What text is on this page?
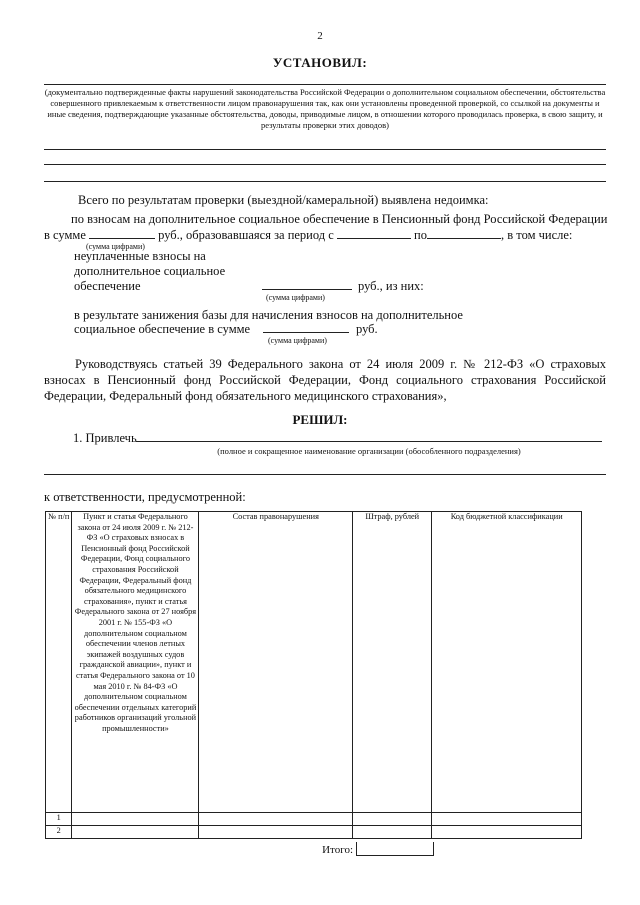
2
УСТАНОВИЛ:
(документально подтвержденные факты нарушений законодательства Российской Федерации о дополнительном социальном обеспечении, обстоятельства совершенного привлекаемым к ответственности лицом правонарушения так, как они установлены проведенной проверкой, со ссылкой на документы и иные сведения, подтверждающие указанные обстоятельства, доводы, приводимые лицом, в отношении которого проводилась проверка, в свою защиту, и результаты проверки этих доводов)
Всего по результатам проверки (выездной/камеральной) выявлена недоимка:
по взносам на дополнительное социальное обеспечение в Пенсионный фонд Российской Федерации
в сумме	руб., образовавшаяся за период с	по	, в том числе:
(сумма цифрами)
неуплаченные взносы на
дополнительное социальное
обеспечение	руб., из них:
(сумма цифрами)
в результате занижения базы для начисления взносов на дополнительное
социальное обеспечение в сумме	руб.
(сумма цифрами)
Руководствуясь статьей 39 Федерального закона от 24 июля 2009 г. № 212-ФЗ «О страховых взносах в Пенсионный фонд Российской Федерации, Фонд социального страхования Российской Федерации, Федеральный фонд обязательного медицинского страхования»,
РЕШИЛ:
1. Привлечь
(полное и сокращенное наименование организации (обособленного подразделения)
к ответственности, предусмотренной:
№ п/п	Пункт и статья Федерального закона от 24 июля 2009 г. № 212-ФЗ «О страховых взносах в Пенсионный фонд Российской Федерации, Фонд социального страхования Российской Федерации, Федеральный фонд обязательного медицинского страхования», пункт и статья Федерального закона от 27 ноября 2001 г. № 155-ФЗ «О дополнительном социальном обеспечении членов летных экипажей воздушных судов гражданской авиации», пункт и статья Федерального закона от 10 мая 2010 г. № 84-ФЗ «О дополнительном социальном обеспечении отдельных категорий работников организаций угольной промышленности»	Состав правонарушения	Штраф, рублей	Код бюджетной классификации
1				
2				
Итого:
